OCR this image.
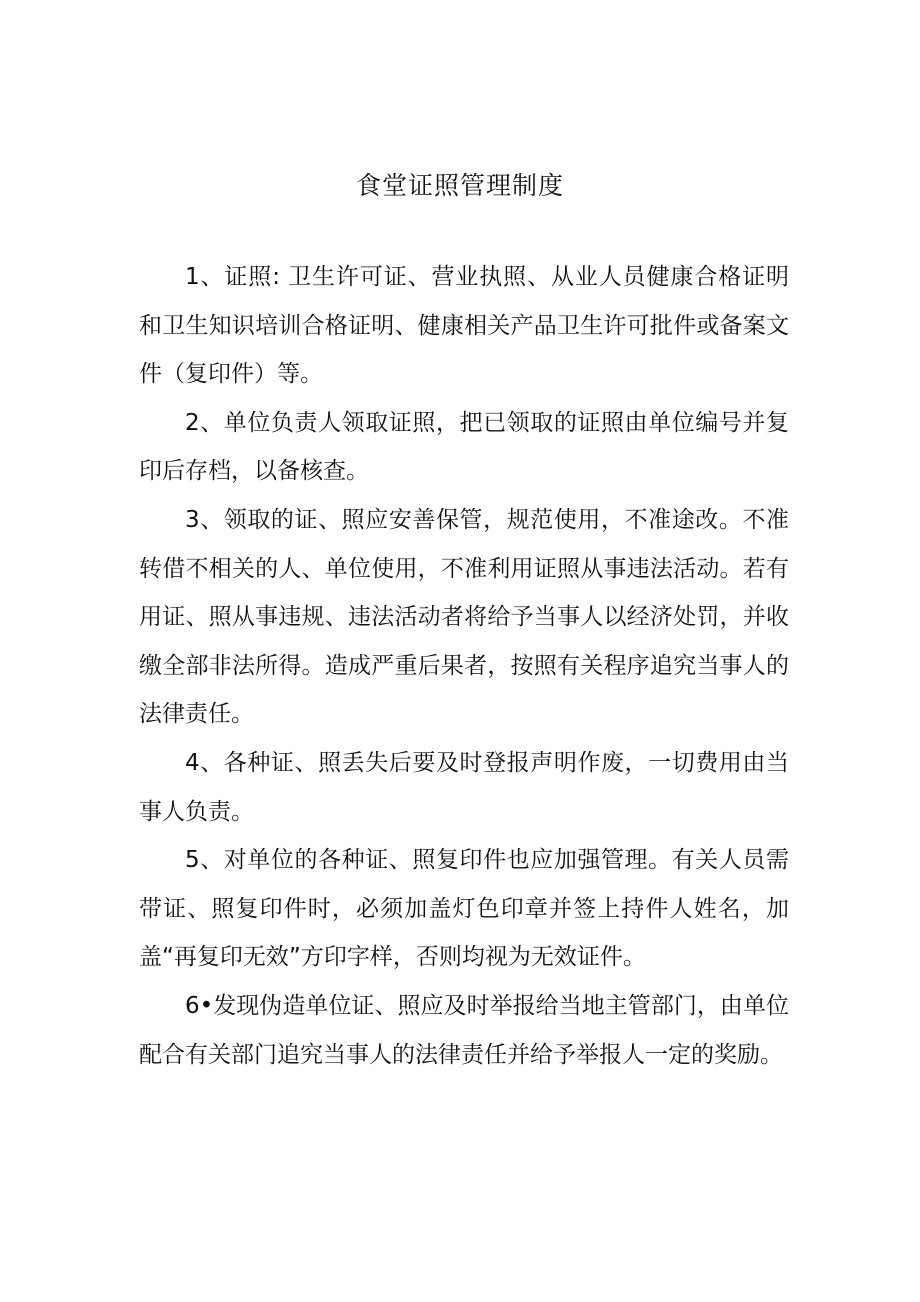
食堂证照管理制度

1、证照: 卫生许可证、营业执照、从业人员健康合格证明和卫生知识培训合格证明、健康相关产品卫生许可批件或备案文件（复印件）等。

2、单位负责人领取证照，把已领取的证照由单位编号并复印后存档，以备核查。

3、领取的证、照应安善保管，规范使用，不准途改。不准转借不相关的人、单位使用，不准利用证照从事违法活动。若有用证、照从事违规、违法活动者将给予当事人以经济处罚，并收缴全部非法所得。造成严重后果者，按照有关程序追究当事人的法律责任。

4、各种证、照丢失后要及时登报声明作废，一切费用由当事人负责。

5、对单位的各种证、照复印件也应加强管理。有关人员需带证、照复印件时，必须加盖灯色印章并签上持件人姓名，加盖“再复印无效”方印字样，否则均视为无效证件。

6•发现伪造单位证、照应及时举报给当地主管部门，由单位配合有关部门追究当事人的法律责任并给予举报人一定的奖励。
